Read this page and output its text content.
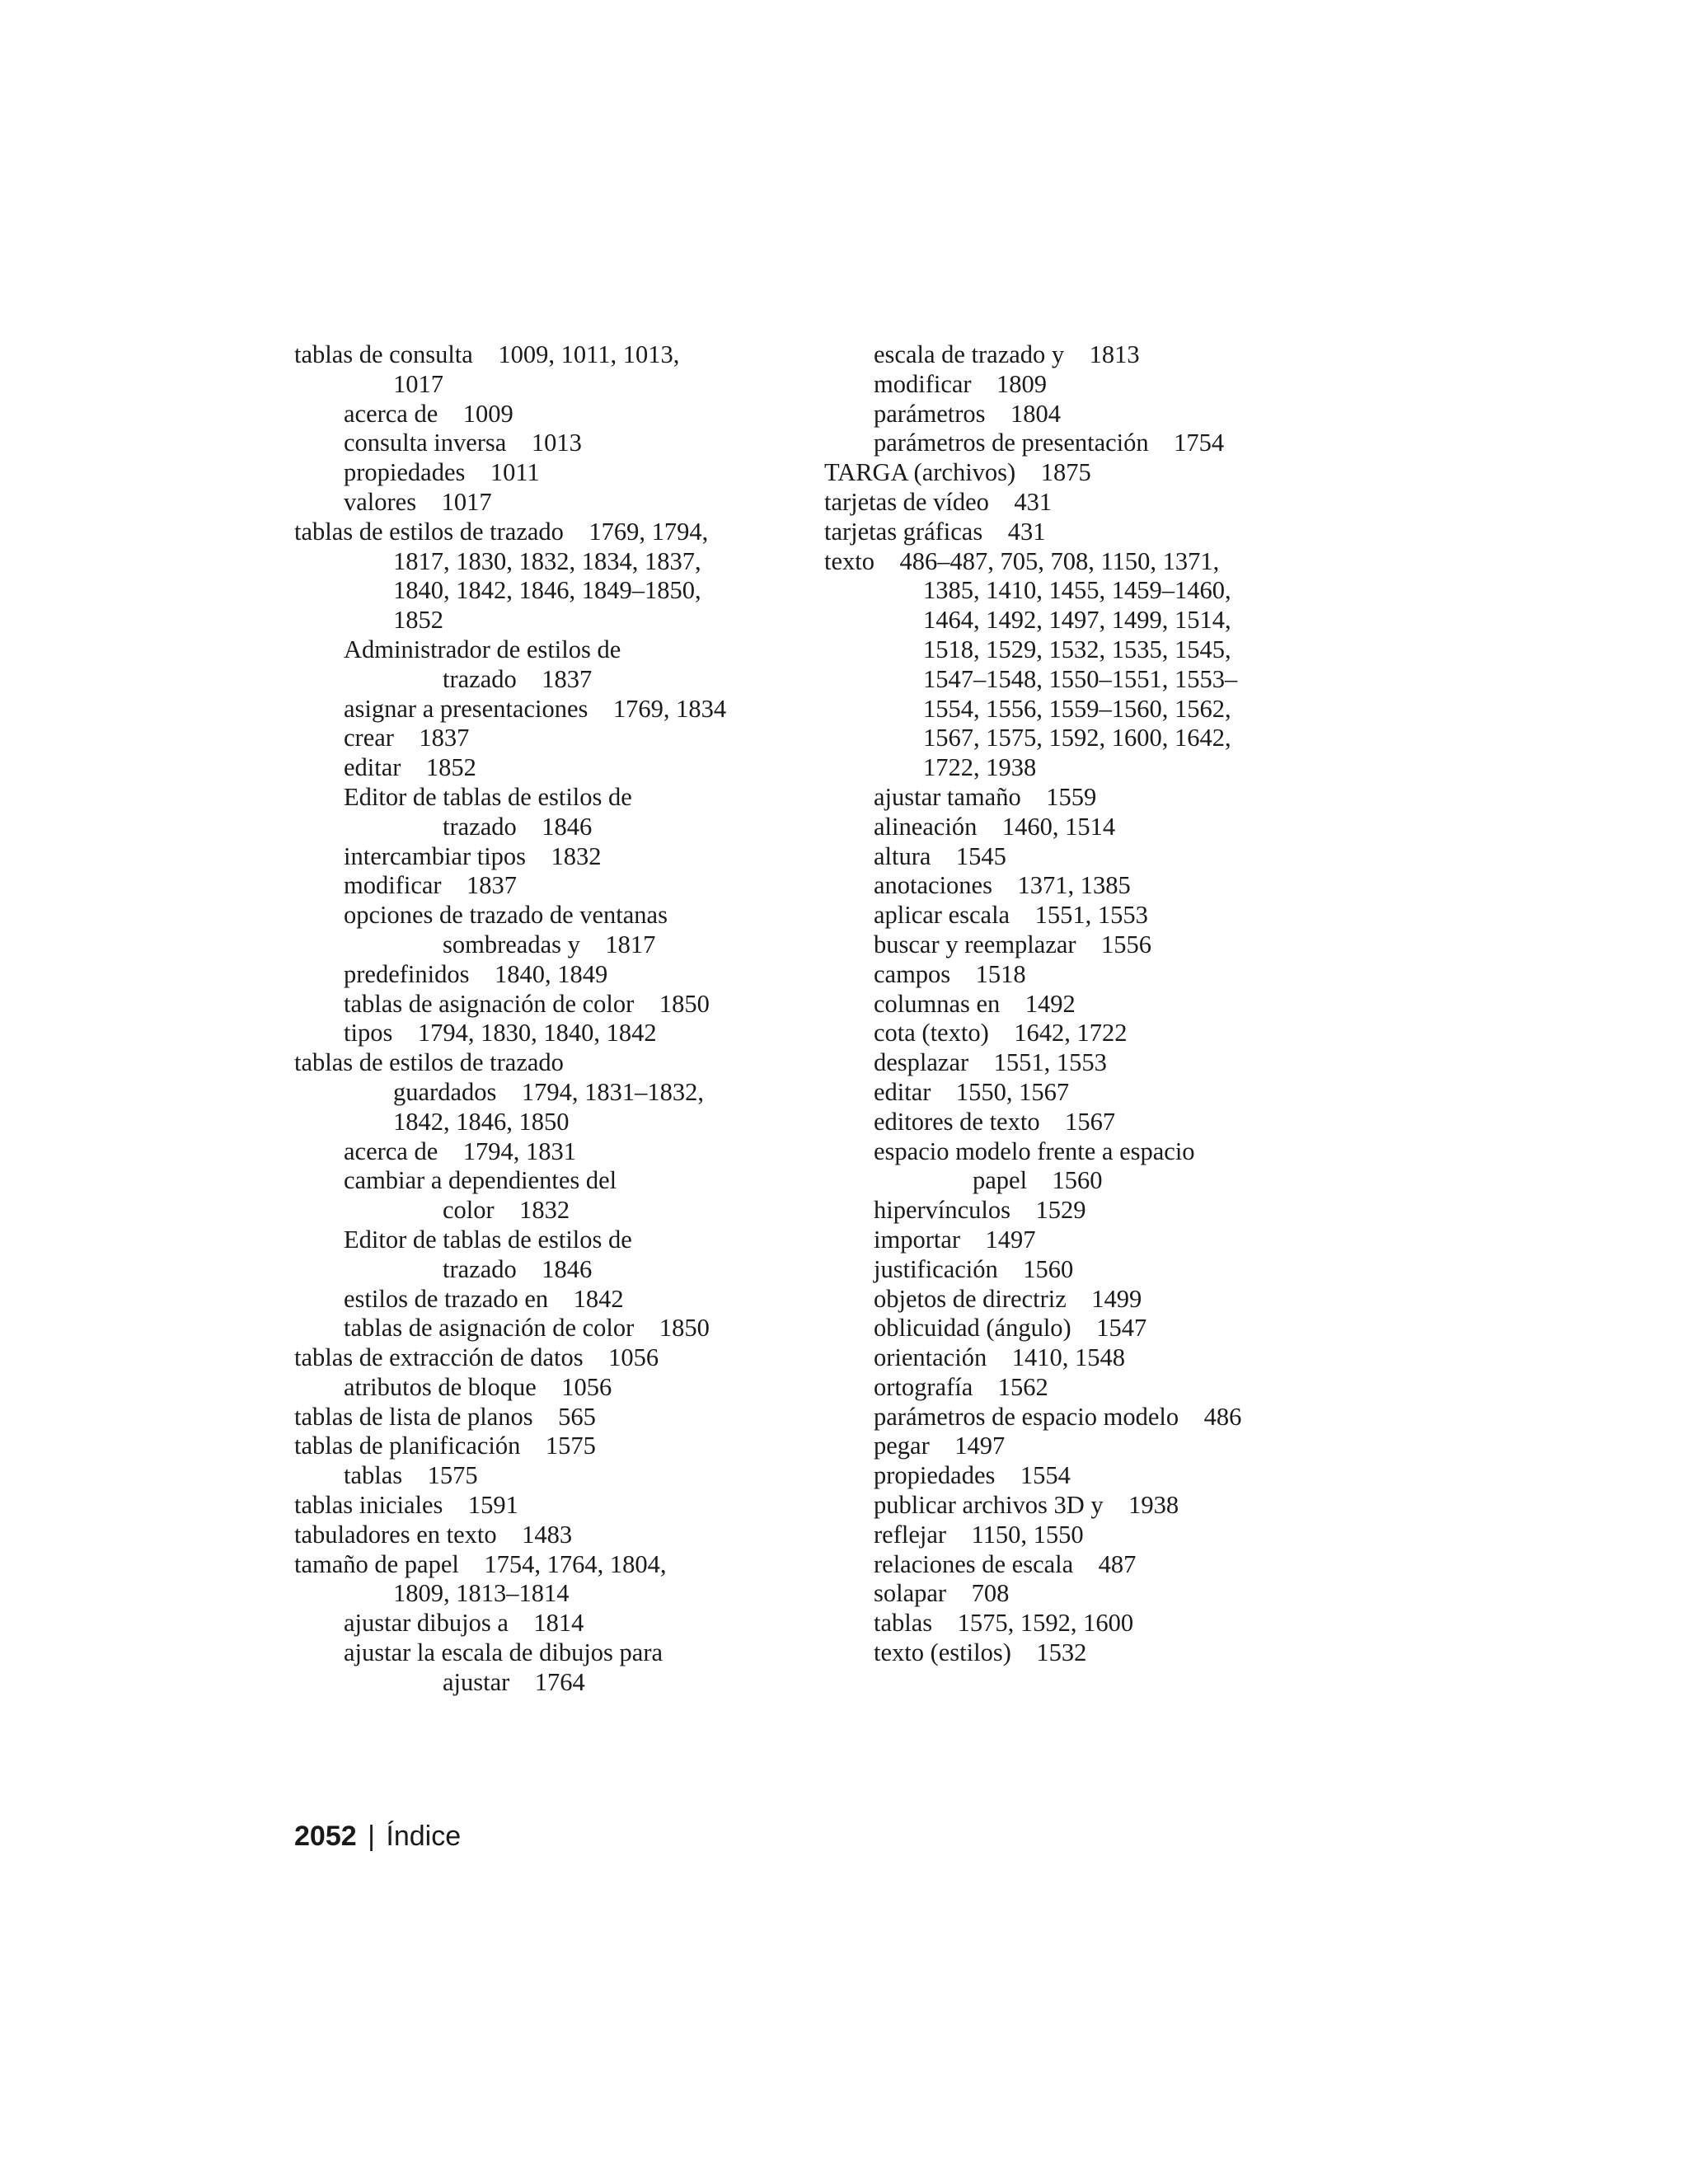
tablas de consulta    1009, 1011, 1013,
1017
acerca de    1009
consulta inversa    1013
propiedades    1011
valores    1017
tablas de estilos de trazado    1769, 1794,
1817, 1830, 1832, 1834, 1837,
1840, 1842, 1846, 1849–1850,
1852
Administrador de estilos de
trazado    1837
asignar a presentaciones    1769, 1834
crear    1837
editar    1852
Editor de tablas de estilos de
trazado    1846
intercambiar tipos    1832
modificar    1837
opciones de trazado de ventanas
sombreadas y    1817
predefinidos    1840, 1849
tablas de asignación de color    1850
tipos    1794, 1830, 1840, 1842
tablas de estilos de trazado
guardados    1794, 1831–1832,
1842, 1846, 1850
acerca de    1794, 1831
cambiar a dependientes del
color    1832
Editor de tablas de estilos de
trazado    1846
estilos de trazado en    1842
tablas de asignación de color    1850
tablas de extracción de datos    1056
atributos de bloque    1056
tablas de lista de planos    565
tablas de planificación    1575
tablas    1575
tablas iniciales    1591
tabuladores en texto    1483
tamaño de papel    1754, 1764, 1804,
1809, 1813–1814
ajustar dibujos a    1814
ajustar la escala de dibujos para
ajustar    1764
escala de trazado y    1813
modificar    1809
parámetros    1804
parámetros de presentación    1754
TARGA (archivos)    1875
tarjetas de vídeo    431
tarjetas gráficas    431
texto    486–487, 705, 708, 1150, 1371,
1385, 1410, 1455, 1459–1460,
1464, 1492, 1497, 1499, 1514,
1518, 1529, 1532, 1535, 1545,
1547–1548, 1550–1551, 1553–
1554, 1556, 1559–1560, 1562,
1567, 1575, 1592, 1600, 1642,
1722, 1938
ajustar tamaño    1559
alineación    1460, 1514
altura    1545
anotaciones    1371, 1385
aplicar escala    1551, 1553
buscar y reemplazar    1556
campos    1518
columnas en    1492
cota (texto)    1642, 1722
desplazar    1551, 1553
editar    1550, 1567
editores de texto    1567
espacio modelo frente a espacio
papel    1560
hipervínculos    1529
importar    1497
justificación    1560
objetos de directriz    1499
oblicuidad (ángulo)    1547
orientación    1410, 1548
ortografía    1562
parámetros de espacio modelo    486
pegar    1497
propiedades    1554
publicar archivos 3D y    1938
reflejar    1150, 1550
relaciones de escala    487
solapar    708
tablas    1575, 1592, 1600
texto (estilos)    1532
2052 | Índice
